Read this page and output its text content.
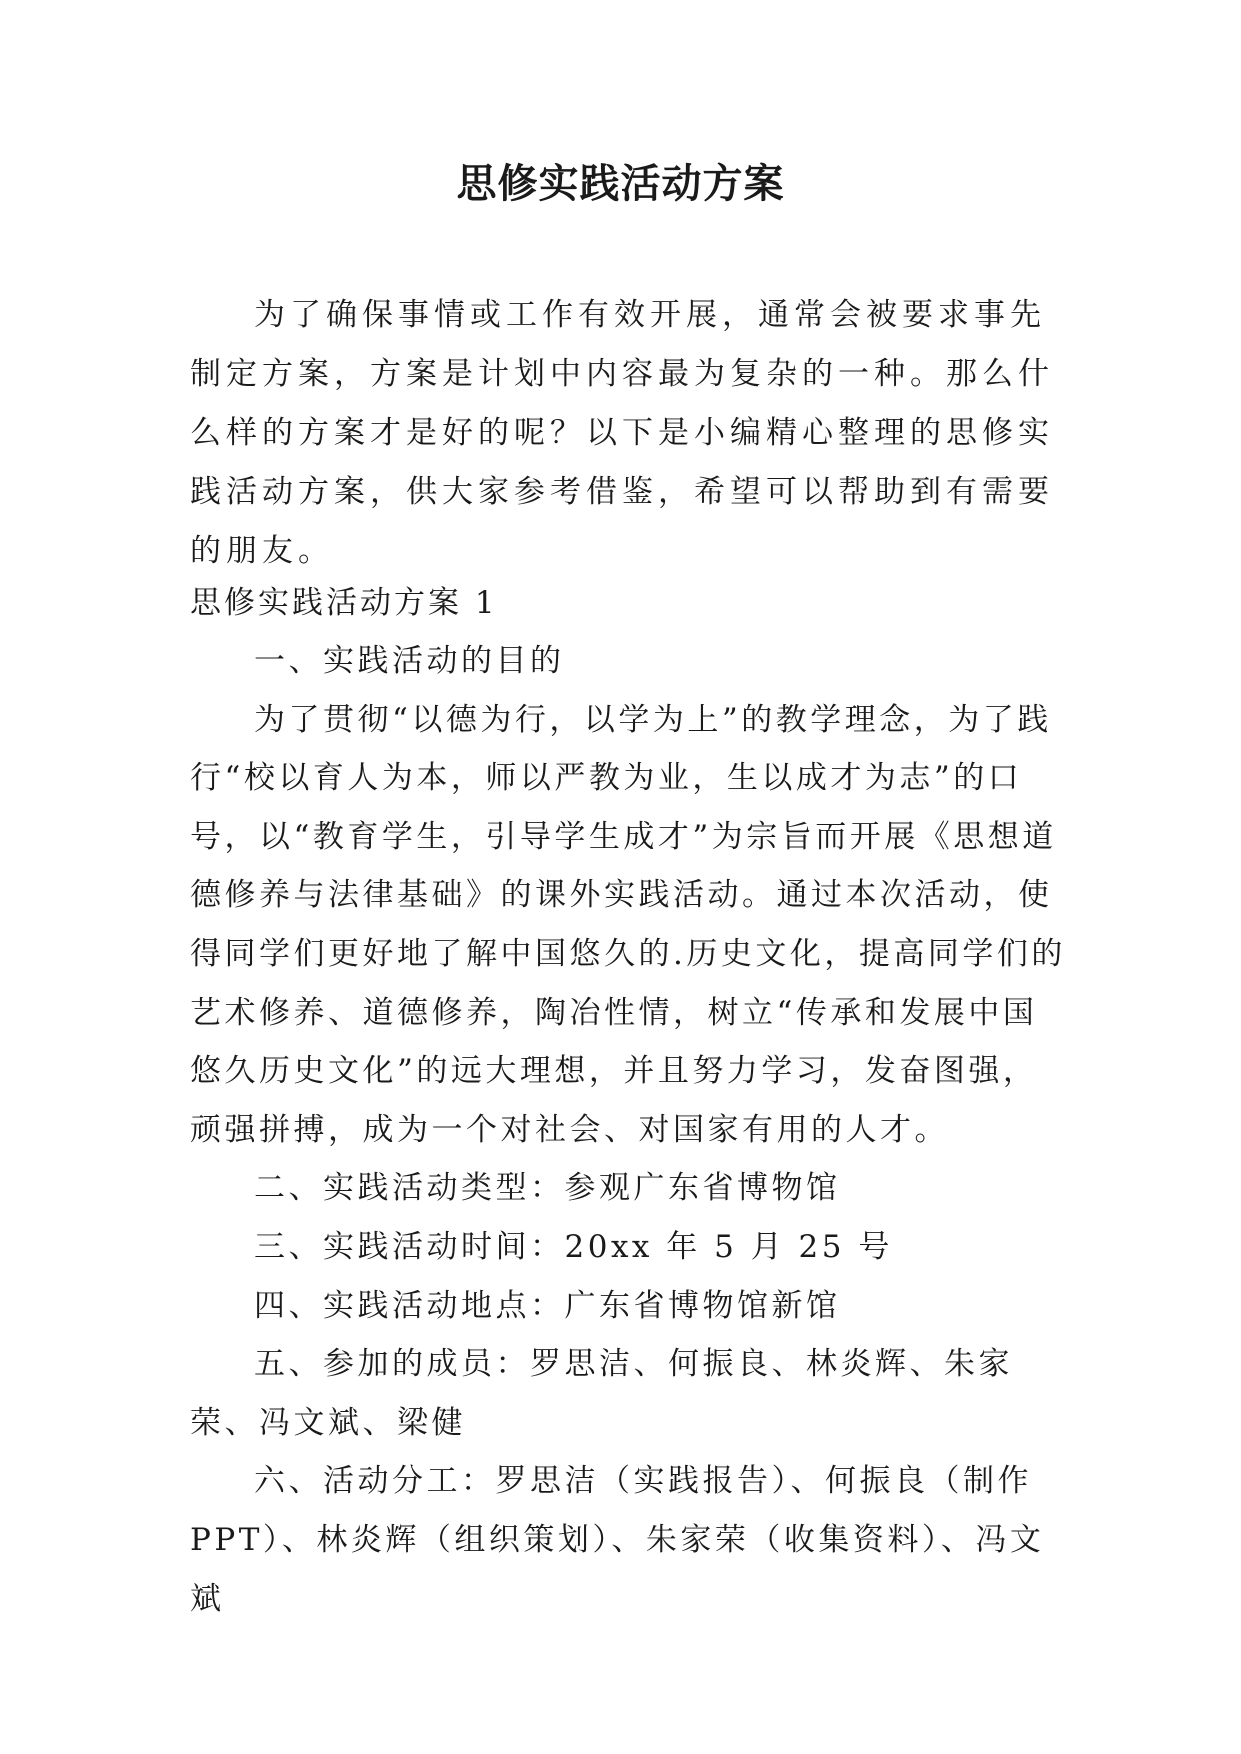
思修实践活动方案
为了确保事情或工作有效开展，通常会被要求事先制定方案，方案是计划中内容最为复杂的一种。那么什么样的方案才是好的呢？以下是小编精心整理的思修实践活动方案，供大家参考借鉴，希望可以帮助到有需要的朋友。
思修实践活动方案 1

一、实践活动的目的

为了贯彻“以德为行，以学为上”的教学理念，为了践行“校以育人为本，师以严教为业，生以成才为志”的口号，以“教育学生，引导学生成才”为宗旨而开展《思想道德修养与法律基础》的课外实践活动。通过本次活动，使得同学们更好地了解中国悠久的.历史文化，提高同学们的艺术修养、道德修养，陶冶性情，树立“传承和发展中国悠久历史文化”的远大理想，并且努力学习，发奋图强，顽强拼搏，成为一个对社会、对国家有用的人才。

二、实践活动类型：参观广东省博物馆

三、实践活动时间：20xx 年 5 月 25 号

四、实践活动地点：广东省博物馆新馆

五、参加的成员：罗思洁、何振良、林炎辉、朱家荣、冯文斌、梁健

六、活动分工：罗思洁（实践报告）、何振良（制作PPT）、林炎辉（组织策划）、朱家荣（收集资料）、冯文斌
